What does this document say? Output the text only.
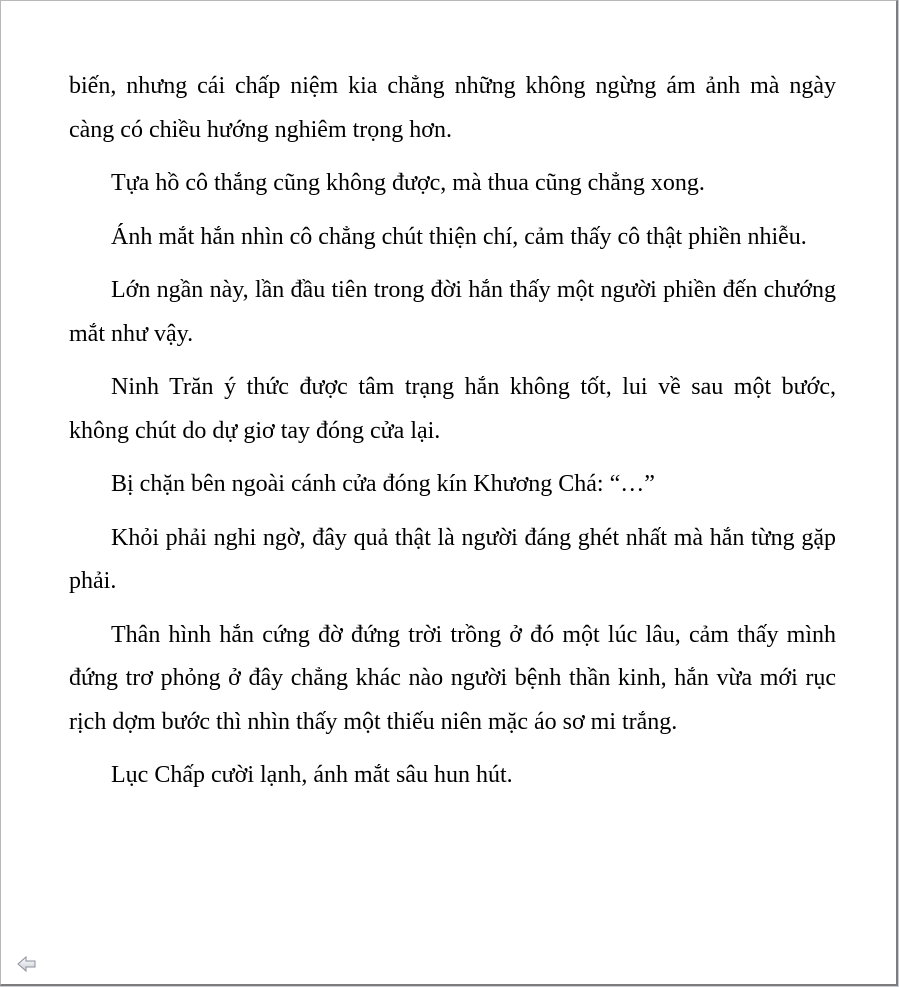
biến, nhưng cái chấp niệm kia chẳng những không ngừng ám ảnh mà ngày càng có chiều hướng nghiêm trọng hơn.

Tựa hồ cô thắng cũng không được, mà thua cũng chẳng xong.

Ánh mắt hắn nhìn cô chẳng chút thiện chí, cảm thấy cô thật phiền nhiễu.

Lớn ngần này, lần đầu tiên trong đời hắn thấy một người phiền đến chướng mắt như vậy.

Ninh Trăn ý thức được tâm trạng hắn không tốt, lui về sau một bước, không chút do dự giơ tay đóng cửa lại.

Bị chặn bên ngoài cánh cửa đóng kín Khương Chá: “…”

Khỏi phải nghi ngờ, đây quả thật là người đáng ghét nhất mà hắn từng gặp phải.

Thân hình hắn cứng đờ đứng trời trồng ở đó một lúc lâu, cảm thấy mình đứng trơ phỏng ở đây chẳng khác nào người bệnh thần kinh, hắn vừa mới rục rịch dợm bước thì nhìn thấy một thiếu niên mặc áo sơ mi trắng.

Lục Chấp cười lạnh, ánh mắt sâu hun hút.
